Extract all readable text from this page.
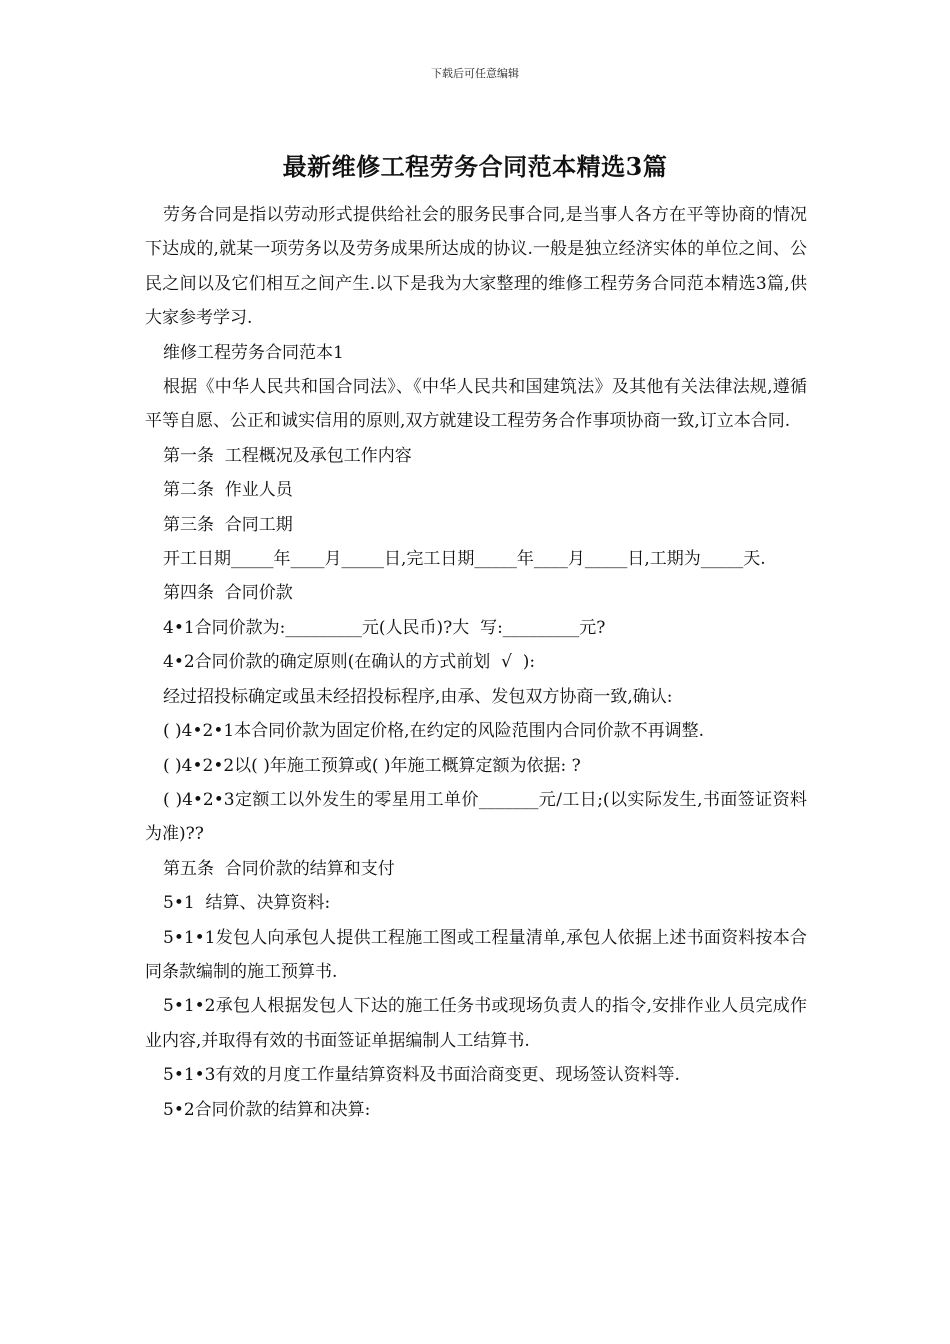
下载后可任意编辑
最新维修工程劳务合同范本精选3篇

劳务合同是指以劳动形式提供给社会的服务民事合同,是当事人各方在平等协商的情况下达成的,就某一项劳务以及劳务成果所达成的协议.一般是独立经济实体的单位之间、公民之间以及它们相互之间产生.以下是我为大家整理的维修工程劳务合同范本精选3篇,供大家参考学习.

维修工程劳务合同范本1

根据《中华人民共和国合同法》、《中华人民共和国建筑法》及其他有关法律法规,遵循平等自愿、公正和诚实信用的原则,双方就建设工程劳务合作事项协商一致,订立本合同.

第一条  工程概况及承包工作内容

第二条  作业人员

第三条  合同工期

开工日期_____年____月_____日,完工日期_____年____月_____日,工期为_____天.

第四条  合同价款

4•1合同价款为:_________元(人民币)?大  写:_________元?

4•2合同价款的确定原则(在确认的方式前划  √  ):

经过招投标确定或虽未经招投标程序,由承、发包双方协商一致,确认:

( )4•2•1本合同价款为固定价格,在约定的风险范围内合同价款不再调整.

( )4•2•2以( )年施工预算或( )年施工概算定额为依据: ?

( )4•2•3定额工以外发生的零星用工单价_______元/工日;(以实际发生,书面签证资料为准)??

第五条  合同价款的结算和支付

5•1  结算、决算资料:

5•1•1发包人向承包人提供工程施工图或工程量清单,承包人依据上述书面资料按本合同条款编制的施工预算书.

5•1•2承包人根据发包人下达的施工任务书或现场负责人的指令,安排作业人员完成作业内容,并取得有效的书面签证单据编制人工结算书.

5•1•3有效的月度工作量结算资料及书面洽商变更、现场签认资料等.

5•2合同价款的结算和决算:
